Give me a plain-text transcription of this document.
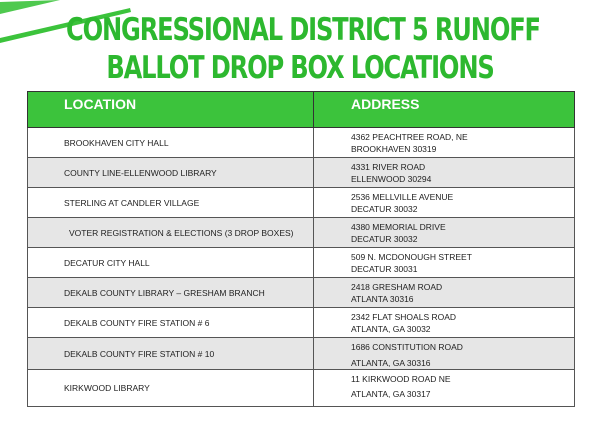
CONGRESSIONAL DISTRICT 5 RUNOFF
BALLOT DROP BOX LOCATIONS
LOCATION	ADDRESS
BROOKHAVEN CITY HALL	4362 PEACHTREE ROAD, NE
BROOKHAVEN 30319

COUNTY LINE-ELLENWOOD LIBRARY	4331 RIVER ROAD
ELLENWOOD 30294

STERLING AT CANDLER VILLAGE	2536 MELLVILLE AVENUE
DECATUR 30032

VOTER REGISTRATION & ELECTIONS (3 DROP BOXES)	4380 MEMORIAL DRIVE
DECATUR 30032

DECATUR CITY HALL	509 N. MCDONOUGH STREET
DECATUR 30031

DEKALB COUNTY LIBRARY – GRESHAM BRANCH	2418 GRESHAM ROAD
ATLANTA 30316

DEKALB COUNTY FIRE STATION # 6	2342 FLAT SHOALS ROAD
ATLANTA, GA 30032

DEKALB COUNTY FIRE STATION # 10	1686 CONSTITUTION ROAD
ATLANTA, GA 30316

KIRKWOOD LIBRARY	11 KIRKWOOD ROAD NE
ATLANTA, GA 30317
